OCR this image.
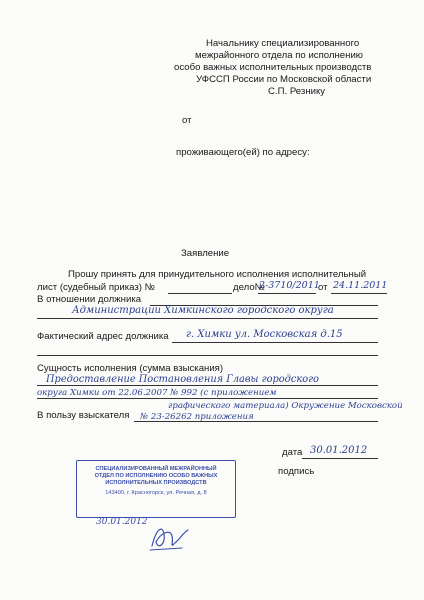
Начальнику специализированного
межрайонного отдела по исполнению
особо важных исполнительных производств
УФССП России по Московской области
С.П. Резнику
от
проживающего(ей) по адресу:
Заявление
Прошу принять для принудительного исполнения исполнительный
лист (судебный приказ) №	дело№
2-3710/2011
от 24.11.2011
В отношении должника
Администрации Химкинского городского округа
Фактический адрес должника г. Химки ул. Московская д.15
Сущность исполнения (сумма взыскания)
Предоставление Постановления Главы городского
округа Химки от 22.06.2007 № 992 (с приложением
В пользу взыскателя
графического материала) Окружение Московской
№ 23-26262 приложения
дата 30.01.2012
подпись
СПЕЦИАЛИЗИРОВАННЫЙ МЕЖРАЙОННЫЙ
ОТДЕЛ ПО ИСПОЛНЕНИЮ ОСОБО ВАЖНЫХ
ИСПОЛНИТЕЛЬНЫХ ПРОИЗВОДСТВ
143400, г. Красногорск, ул. Речная, д. 8
30.01.2012
